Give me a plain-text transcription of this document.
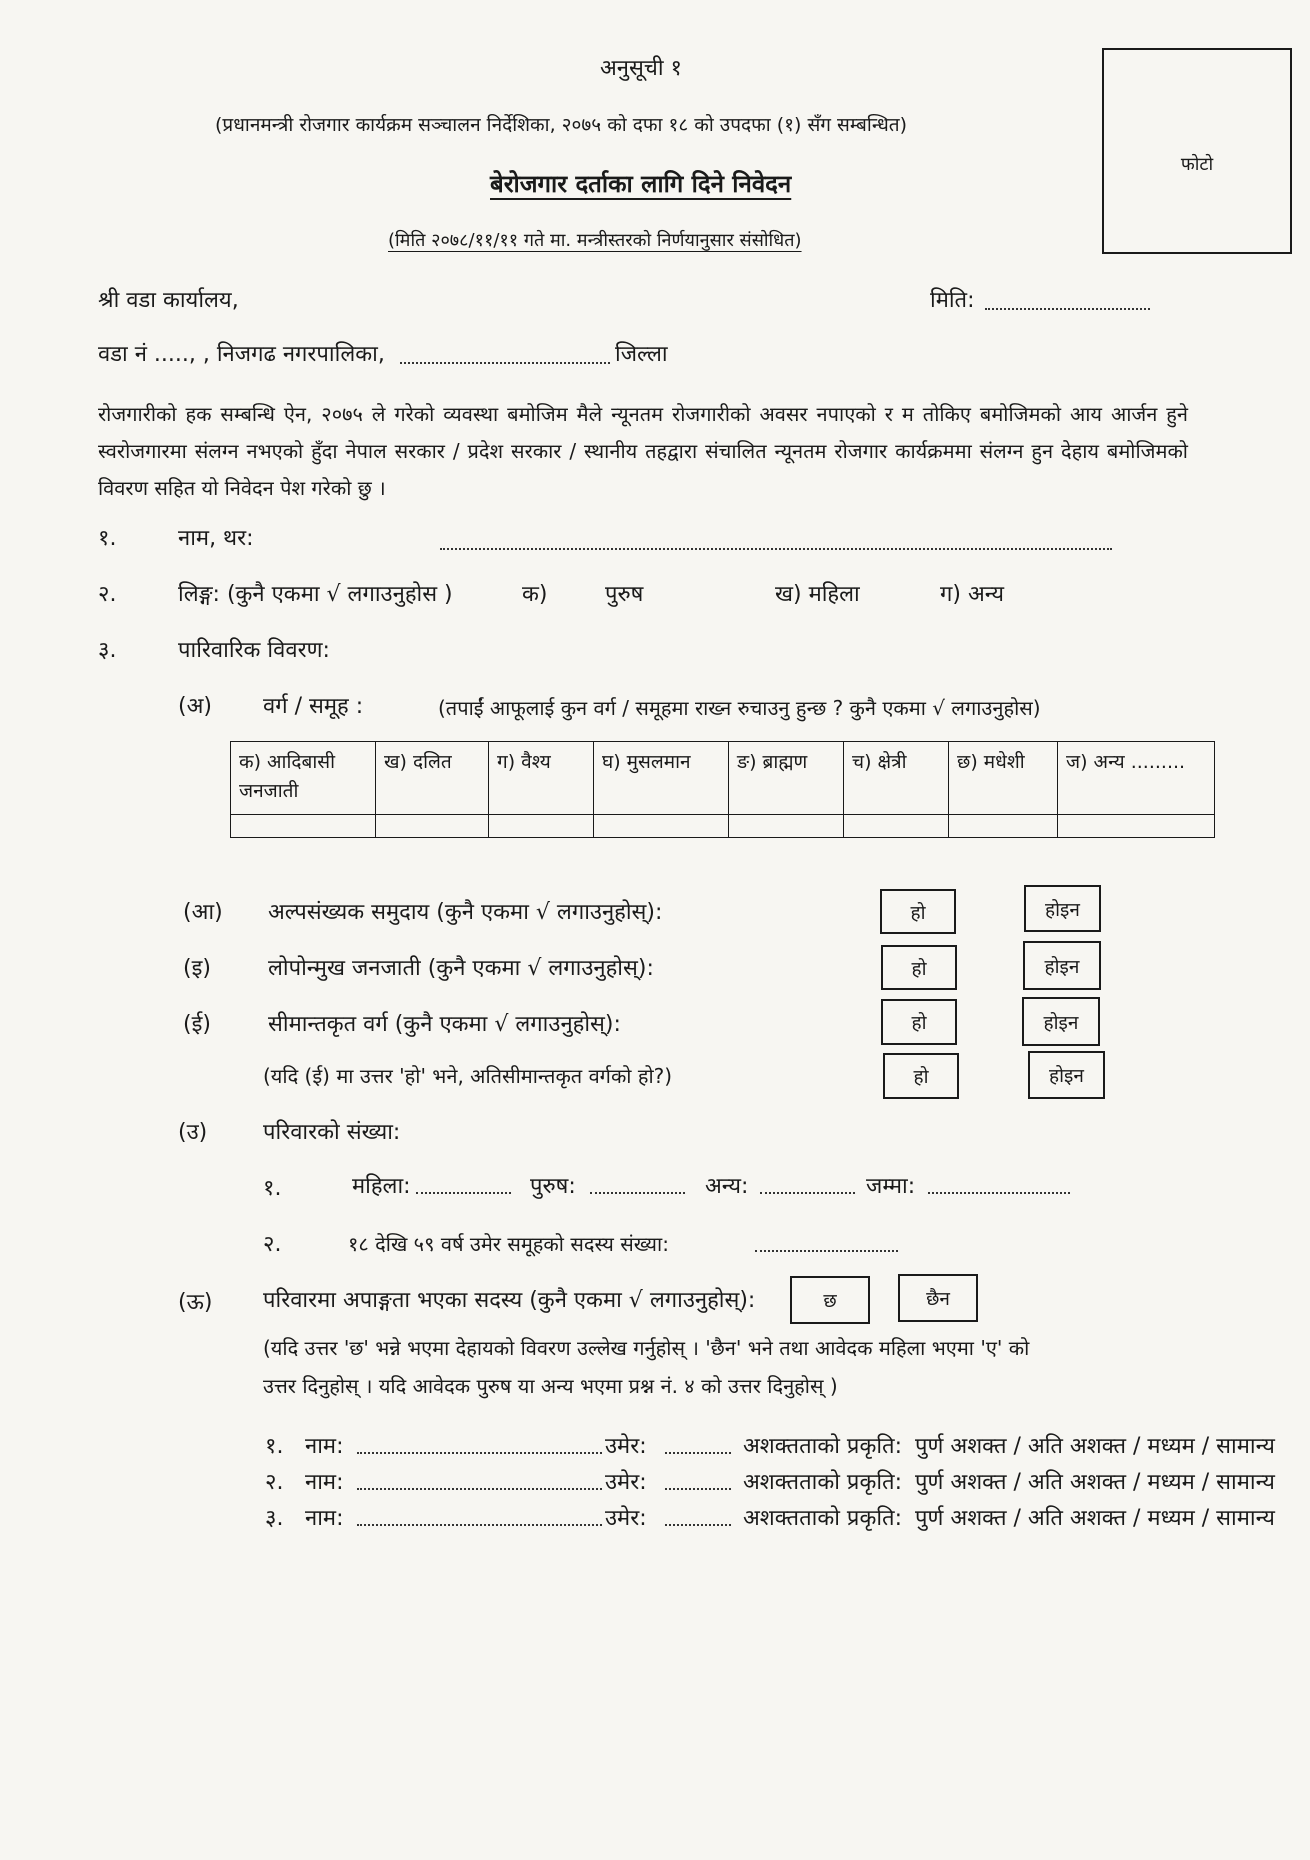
अनुसूची १
(प्रधानमन्त्री रोजगार कार्यक्रम सञ्चालन निर्देशिका, २०७५ को दफा १८ को उपदफा (१) सँग सम्बन्धित)
बेरोजगार दर्ताका लागि दिने निवेदन
(मिति २०७८/११/११ गते मा. मन्त्रीस्तरको निर्णयानुसार संसोधित)
फोटो
श्री वडा कार्यालय,	मिति:
वडा नं ....., , निजगढ नगरपालिका,	जिल्ला
रोजगारीको हक सम्बन्धि ऐन, २०७५ ले गरेको व्यवस्था बमोजिम मैले न्यूनतम रोजगारीको अवसर नपाएको र म तोकिए बमोजिमको आय आर्जन हुने स्वरोजगारमा संलग्न नभएको हुँदा नेपाल सरकार / प्रदेश सरकार / स्थानीय तहद्वारा संचालित न्यूनतम रोजगार कार्यक्रममा संलग्न हुन देहाय बमोजिमको विवरण सहित यो निवेदन पेश गरेको छु ।
१.	नाम, थर:
२.	लिङ्ग: (कुनै एकमा √ लगाउनुहोस )	क)	पुरुष	ख) महिला	ग) अन्य
३.	पारिवारिक विवरण:
(अ) वर्ग / समूह :	(तपाईं आफूलाई कुन वर्ग / समूहमा राख्न रुचाउनु हुन्छ ? कुनै एकमा √ लगाउनुहोस)
क) आदिबासी जनजाती	ख) दलित	ग) वैश्य	घ) मुसलमान	ङ) ब्राह्मण	च) क्षेत्री	छ) मधेशी	ज) अन्य .........

(आ) अल्पसंख्यक समुदाय (कुनै एकमा √ लगाउनुहोस्):	हो	होइन
(इ)	लोपोन्मुख जनजाती (कुनै एकमा √ लगाउनुहोस्):	हो	होइन
(ई)	सीमान्तकृत वर्ग (कुनै एकमा √ लगाउनुहोस्):	हो	होइन
(यदि (ई) मा उत्तर 'हो' भने, अतिसीमान्तकृत वर्गको हो?)	हो	होइन
(उ)	परिवारको संख्या:
१.	महिला:	पुरुष:	अन्य:	जम्मा:
२.	१८ देखि ५९ वर्ष उमेर समूहको सदस्य संख्या:
(ऊ) परिवारमा अपाङ्गता भएका सदस्य (कुनै एकमा √ लगाउनुहोस्):	छ	छैन
(यदि उत्तर 'छ' भन्ने भएमा देहायको विवरण उल्लेख गर्नुहोस् । 'छैन' भने तथा आवेदक महिला भएमा 'ए' को
उत्तर दिनुहोस् । यदि आवेदक पुरुष या अन्य भएमा प्रश्न नं. ४ को उत्तर दिनुहोस् )
१. नाम:	उमेर:	अशक्तताको प्रकृति: पुर्ण अशक्त / अति अशक्त / मध्यम / सामान्य
२. नाम:	उमेर:	अशक्तताको प्रकृति: पुर्ण अशक्त / अति अशक्त / मध्यम / सामान्य
३. नाम:	उमेर:	अशक्तताको प्रकृति: पुर्ण अशक्त / अति अशक्त / मध्यम / सामान्य
